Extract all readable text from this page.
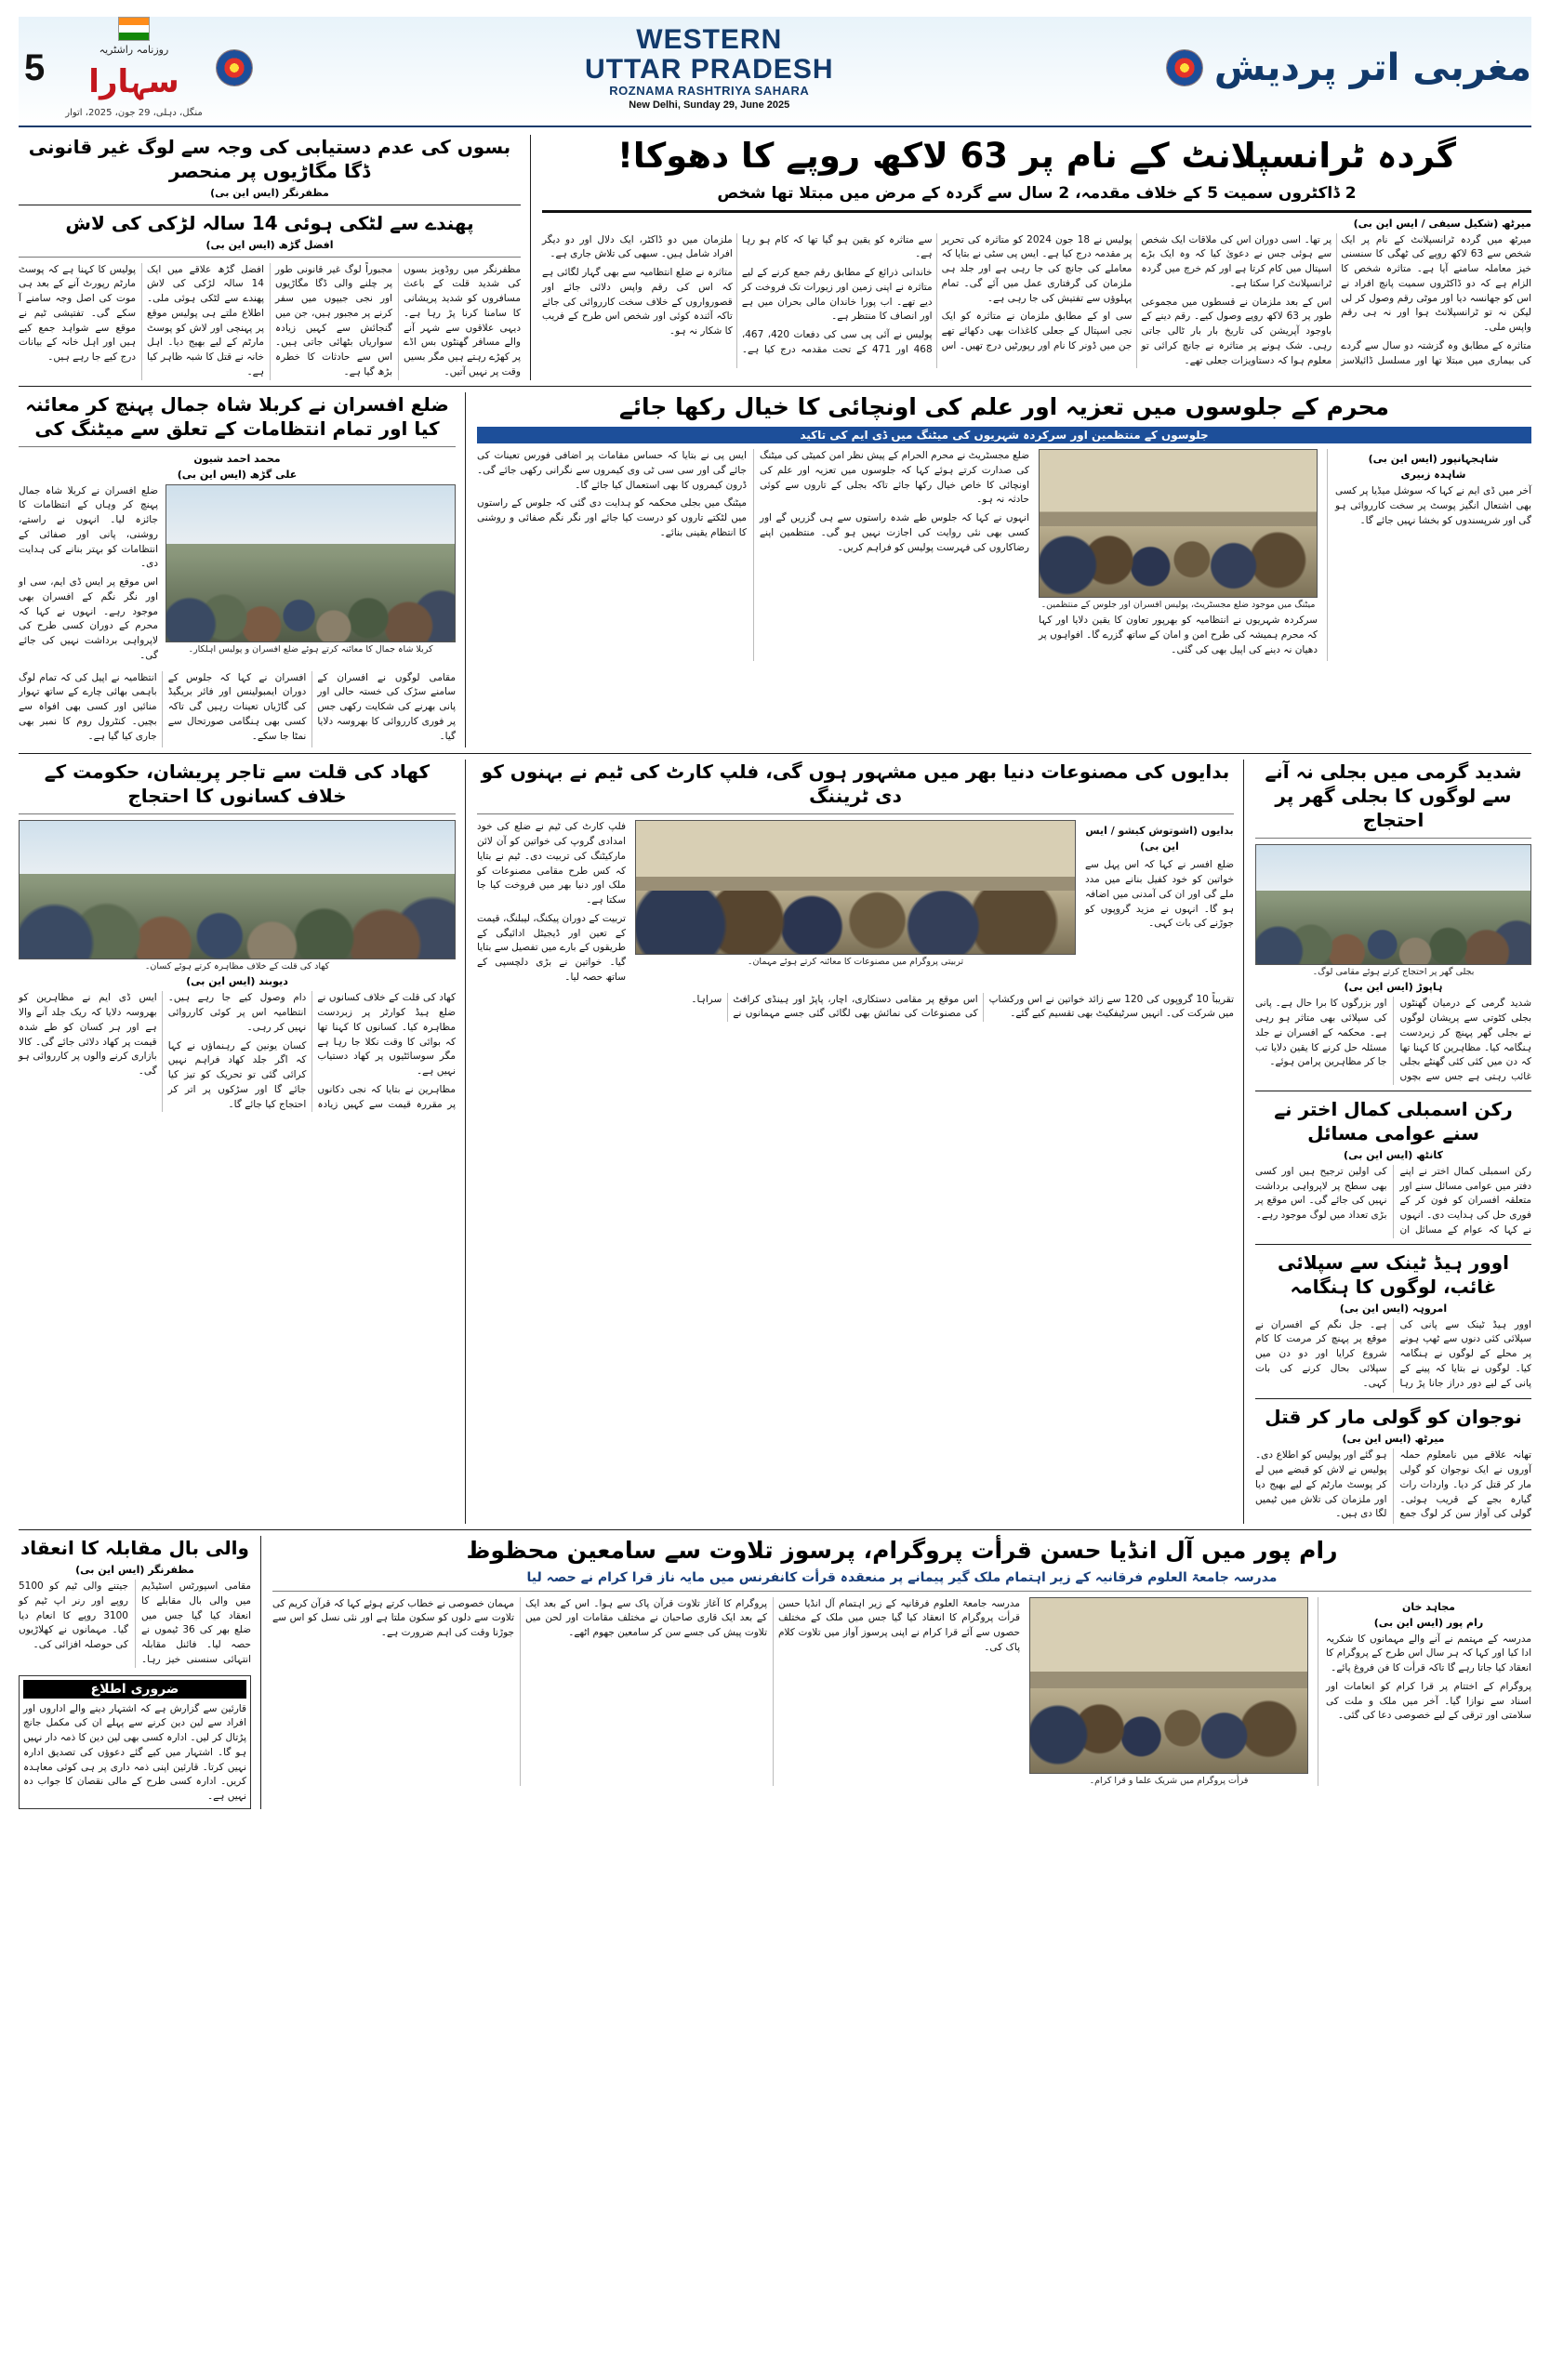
5	روزنامہ راشٹریہ
سہارا
منگل، دہلی، 29 جون، 2025، اتوار
WESTERN
UTTAR PRADESH
ROZNAMA RASHTRIYA SAHARA
New Delhi, Sunday 29, June 2025
مغربی اتر پردیش
بسوں کی عدم دستیابی کی وجہ سے لوگ غیر قانونی ڈگا مگاڑیوں پر منحصر
مظفرنگر (ایس این بی)
پھندے سے لٹکی ہوئی 14 سالہ لڑکی کی لاش
افضل گڑھ (ایس این بی)

مظفرنگر میں روڈویز بسوں کی شدید قلت کے باعث مسافروں کو شدید پریشانی کا سامنا کرنا پڑ رہا ہے۔ دیہی علاقوں سے شہر آنے والے مسافر گھنٹوں بس اڈے پر کھڑے رہتے ہیں مگر بسیں وقت پر نہیں آتیں۔

مجبوراً لوگ غیر قانونی طور پر چلنے والی ڈگا مگاڑیوں اور نجی جیپوں میں سفر کرنے پر مجبور ہیں، جن میں گنجائش سے کہیں زیادہ سواریاں بٹھائی جاتی ہیں۔ اس سے حادثات کا خطرہ بڑھ گیا ہے۔

افضل گڑھ علاقے میں ایک 14 سالہ لڑکی کی لاش پھندے سے لٹکی ہوئی ملی۔ اطلاع ملتے ہی پولیس موقع پر پہنچی اور لاش کو پوسٹ مارٹم کے لیے بھیج دیا۔ اہل خانہ نے قتل کا شبہ ظاہر کیا ہے۔

پولیس کا کہنا ہے کہ پوسٹ مارٹم رپورٹ آنے کے بعد ہی موت کی اصل وجہ سامنے آ سکے گی۔ تفتیشی ٹیم نے موقع سے شواہد جمع کیے ہیں اور اہل خانہ کے بیانات درج کیے جا رہے ہیں۔

گردہ ٹرانسپلانٹ کے نام پر 63 لاکھ روپے کا دھوکا!
2 ڈاکٹروں سمیت 5 کے خلاف مقدمہ، 2 سال سے گردہ کے مرض میں مبتلا تھا شخص
میرٹھ (شکیل سیفی / ایس این بی)

میرٹھ میں گردہ ٹرانسپلانٹ کے نام پر ایک شخص سے 63 لاکھ روپے کی ٹھگی کا سنسنی خیز معاملہ سامنے آیا ہے۔ متاثرہ شخص کا الزام ہے کہ دو ڈاکٹروں سمیت پانچ افراد نے اس کو جھانسہ دیا اور موٹی رقم وصول کر لی لیکن نہ تو ٹرانسپلانٹ ہوا اور نہ ہی رقم واپس ملی۔

متاثرہ کے مطابق وہ گزشتہ دو سال سے گردے کی بیماری میں مبتلا تھا اور مسلسل ڈائیلاسز پر تھا۔ اسی دوران اس کی ملاقات ایک شخص سے ہوئی جس نے دعویٰ کیا کہ وہ ایک بڑے اسپتال میں کام کرتا ہے اور کم خرچ میں گردہ ٹرانسپلانٹ کرا سکتا ہے۔

اس کے بعد ملزمان نے قسطوں میں مجموعی طور پر 63 لاکھ روپے وصول کیے۔ رقم دینے کے باوجود آپریشن کی تاریخ بار بار ٹالی جاتی رہی۔ شک ہونے پر متاثرہ نے جانچ کرائی تو معلوم ہوا کہ دستاویزات جعلی تھے۔

پولیس نے 18 جون 2024 کو متاثرہ کی تحریر پر مقدمہ درج کیا ہے۔ ایس پی سٹی نے بتایا کہ معاملے کی جانچ کی جا رہی ہے اور جلد ہی ملزمان کی گرفتاری عمل میں آئے گی۔ تمام پہلوؤں سے تفتیش کی جا رہی ہے۔

سی او کے مطابق ملزمان نے متاثرہ کو ایک نجی اسپتال کے جعلی کاغذات بھی دکھائے تھے جن میں ڈونر کا نام اور رپورٹیں درج تھیں۔ اس سے متاثرہ کو یقین ہو گیا تھا کہ کام ہو رہا ہے۔

خاندانی ذرائع کے مطابق رقم جمع کرنے کے لیے متاثرہ نے اپنی زمین اور زیورات تک فروخت کر دیے تھے۔ اب پورا خاندان مالی بحران میں ہے اور انصاف کا منتظر ہے۔

پولیس نے آئی پی سی کی دفعات 420، 467، 468 اور 471 کے تحت مقدمہ درج کیا ہے۔ ملزمان میں دو ڈاکٹر، ایک دلال اور دو دیگر افراد شامل ہیں۔ سبھی کی تلاش جاری ہے۔

متاثرہ نے ضلع انتظامیہ سے بھی گہار لگائی ہے کہ اس کی رقم واپس دلائی جائے اور قصورواروں کے خلاف سخت کارروائی کی جائے تاکہ آئندہ کوئی اور شخص اس طرح کے فریب کا شکار نہ ہو۔

ضلع افسران نے کربلا شاہ جمال پہنچ کر معائنہ کیا اور تمام انتظامات کے تعلق سے میٹنگ کی
محمد احمد شیون
علی گڑھ (ایس این بی)

ضلع افسران نے کربلا شاہ جمال پہنچ کر وہاں کے انتظامات کا جائزہ لیا۔ انہوں نے راستے، روشنی، پانی اور صفائی کے انتظامات کو بہتر بنانے کی ہدایت دی۔

اس موقع پر ایس ڈی ایم، سی او اور نگر نگم کے افسران بھی موجود رہے۔ انہوں نے کہا کہ محرم کے دوران کسی طرح کی لاپرواہی برداشت نہیں کی جائے گی۔

کربلا شاہ جمال کا معائنہ کرتے ہوئے ضلع افسران و پولیس اہلکار۔

مقامی لوگوں نے افسران کے سامنے سڑک کی خستہ حالی اور پانی بھرنے کی شکایت رکھی جس پر فوری کارروائی کا بھروسہ دلایا گیا۔

افسران نے کہا کہ جلوس کے دوران ایمبولینس اور فائر بریگیڈ کی گاڑیاں تعینات رہیں گی تاکہ کسی بھی ہنگامی صورتحال سے نمٹا جا سکے۔

انتظامیہ نے اپیل کی کہ تمام لوگ باہمی بھائی چارے کے ساتھ تہوار منائیں اور کسی بھی افواہ سے بچیں۔ کنٹرول روم کا نمبر بھی جاری کیا گیا ہے۔

محرم کے جلوسوں میں تعزیہ اور علم کی اونچائی کا خیال رکھا جائے
جلوسوں کے منتظمین اور سرکردہ شہریوں کی میٹنگ میں ڈی ایم کی تاکید

ضلع مجسٹریٹ نے محرم الحرام کے پیش نظر امن کمیٹی کی میٹنگ کی صدارت کرتے ہوئے کہا کہ جلوسوں میں تعزیہ اور علم کی اونچائی کا خاص خیال رکھا جائے تاکہ بجلی کے تاروں سے کوئی حادثہ نہ ہو۔

انہوں نے کہا کہ جلوس طے شدہ راستوں سے ہی گزریں گے اور کسی بھی نئی روایت کی اجازت نہیں ہو گی۔ منتظمین اپنے رضاکاروں کی فہرست پولیس کو فراہم کریں۔

ایس پی نے بتایا کہ حساس مقامات پر اضافی فورس تعینات کی جائے گی اور سی سی ٹی وی کیمروں سے نگرانی رکھی جائے گی۔ ڈرون کیمروں کا بھی استعمال کیا جائے گا۔

میٹنگ میں بجلی محکمہ کو ہدایت دی گئی کہ جلوس کے راستوں میں لٹکتے تاروں کو درست کیا جائے اور نگر نگم صفائی و روشنی کا انتظام یقینی بنائے۔

میٹنگ میں موجود ضلع مجسٹریٹ، پولیس افسران اور جلوس کے منتظمین۔

سرکردہ شہریوں نے انتظامیہ کو بھرپور تعاون کا یقین دلایا اور کہا کہ محرم ہمیشہ کی طرح امن و امان کے ساتھ گزرے گا۔ افواہوں پر دھیان نہ دینے کی اپیل بھی کی گئی۔

شاہجہانپور (ایس این بی)
شاہدہ زبیری

آخر میں ڈی ایم نے کہا کہ سوشل میڈیا پر کسی بھی اشتعال انگیز پوسٹ پر سخت کارروائی ہو گی اور شرپسندوں کو بخشا نہیں جائے گا۔

کھاد کی قلت سے تاجر پریشان، حکومت کے خلاف کسانوں کا احتجاج
کھاد کی قلت کے خلاف مظاہرہ کرتے ہوئے کسان۔
دیوبند (ایس این بی)

کھاد کی قلت کے خلاف کسانوں نے ضلع ہیڈ کوارٹر پر زبردست مظاہرہ کیا۔ کسانوں کا کہنا تھا کہ بوائی کا وقت نکلا جا رہا ہے مگر سوسائٹیوں پر کھاد دستیاب نہیں ہے۔

مظاہرین نے بتایا کہ نجی دکانوں پر مقررہ قیمت سے کہیں زیادہ دام وصول کیے جا رہے ہیں۔ انتظامیہ اس پر کوئی کارروائی نہیں کر رہی۔

کسان یونین کے رہنماؤں نے کہا کہ اگر جلد کھاد فراہم نہیں کرائی گئی تو تحریک کو تیز کیا جائے گا اور سڑکوں پر اتر کر احتجاج کیا جائے گا۔

ایس ڈی ایم نے مظاہرین کو بھروسہ دلایا کہ ریک جلد آنے والا ہے اور ہر کسان کو طے شدہ قیمت پر کھاد دلائی جائے گی۔ کالا بازاری کرنے والوں پر کارروائی ہو گی۔

بدایوں کی مصنوعات دنیا بھر میں مشہور ہوں گی، فلپ کارٹ کی ٹیم نے بہنوں کو دی ٹریننگ

فلپ کارٹ کی ٹیم نے ضلع کی خود امدادی گروپ کی خواتین کو آن لائن مارکیٹنگ کی تربیت دی۔ ٹیم نے بتایا کہ کس طرح مقامی مصنوعات کو ملک اور دنیا بھر میں فروخت کیا جا سکتا ہے۔

تربیت کے دوران پیکنگ، لیبلنگ، قیمت کے تعین اور ڈیجیٹل ادائیگی کے طریقوں کے بارے میں تفصیل سے بتایا گیا۔ خواتین نے بڑی دلچسپی کے ساتھ حصہ لیا۔

تربیتی پروگرام میں مصنوعات کا معائنہ کرتے ہوئے مہمان۔
بدایوں (اشوتوش کیشو / ایس این بی)

ضلع افسر نے کہا کہ اس پہل سے خواتین کو خود کفیل بنانے میں مدد ملے گی اور ان کی آمدنی میں اضافہ ہو گا۔ انہوں نے مزید گروپوں کو جوڑنے کی بات کہی۔

تقریباً 10 گروپوں کی 120 سے زائد خواتین نے اس ورکشاپ میں شرکت کی۔ انہیں سرٹیفکیٹ بھی تقسیم کیے گئے۔

اس موقع پر مقامی دستکاری، اچار، پاپڑ اور ہینڈی کرافٹ کی مصنوعات کی نمائش بھی لگائی گئی جسے مہمانوں نے سراہا۔

شدید گرمی میں بجلی نہ آنے سے لوگوں کا بجلی گھر پر احتجاج
بجلی گھر پر احتجاج کرتے ہوئے مقامی لوگ۔
ہاپوڑ (ایس این بی)

شدید گرمی کے درمیان گھنٹوں بجلی کٹوتی سے پریشان لوگوں نے بجلی گھر پہنچ کر زبردست ہنگامہ کیا۔ مظاہرین کا کہنا تھا کہ دن میں کئی کئی گھنٹے بجلی غائب رہتی ہے جس سے بچوں اور بزرگوں کا برا حال ہے۔ پانی کی سپلائی بھی متاثر ہو رہی ہے۔ محکمہ کے افسران نے جلد مسئلہ حل کرنے کا یقین دلایا تب جا کر مظاہرین پرامن ہوئے۔

رکن اسمبلی کمال اختر نے سنے عوامی مسائل
کانٹھ (ایس این بی)

رکن اسمبلی کمال اختر نے اپنے دفتر میں عوامی مسائل سنے اور متعلقہ افسران کو فون کر کے فوری حل کی ہدایت دی۔ انہوں نے کہا کہ عوام کے مسائل ان کی اولین ترجیح ہیں اور کسی بھی سطح پر لاپرواہی برداشت نہیں کی جائے گی۔ اس موقع پر بڑی تعداد میں لوگ موجود رہے۔

اوور ہیڈ ٹینک سے سپلائی غائب، لوگوں کا ہنگامہ
امروہہ (ایس این بی)

اوور ہیڈ ٹینک سے پانی کی سپلائی کئی دنوں سے ٹھپ ہونے پر محلے کے لوگوں نے ہنگامہ کیا۔ لوگوں نے بتایا کہ پینے کے پانی کے لیے دور دراز جانا پڑ رہا ہے۔ جل نگم کے افسران نے موقع پر پہنچ کر مرمت کا کام شروع کرایا اور دو دن میں سپلائی بحال کرنے کی بات کہی۔

نوجوان کو گولی مار کر قتل
میرٹھ (ایس این بی)

تھانہ علاقے میں نامعلوم حملہ آوروں نے ایک نوجوان کو گولی مار کر قتل کر دیا۔ واردات رات گیارہ بجے کے قریب ہوئی۔ گولی کی آواز سن کر لوگ جمع ہو گئے اور پولیس کو اطلاع دی۔ پولیس نے لاش کو قبضے میں لے کر پوسٹ مارٹم کے لیے بھیج دیا اور ملزمان کی تلاش میں ٹیمیں لگا دی ہیں۔

والی بال مقابلہ کا انعقاد
مظفرنگر (ایس این بی)

مقامی اسپورٹس اسٹیڈیم میں والی بال مقابلے کا انعقاد کیا گیا جس میں ضلع بھر کی 36 ٹیموں نے حصہ لیا۔ فائنل مقابلہ انتہائی سنسنی خیز رہا۔ جیتنے والی ٹیم کو 5100 روپے اور رنر اپ ٹیم کو 3100 روپے کا انعام دیا گیا۔ مہمانوں نے کھلاڑیوں کی حوصلہ افزائی کی۔

ضروری اطلاع
قارئین سے گزارش ہے کہ اشتہار دینے والے اداروں اور افراد سے لین دین کرنے سے پہلے ان کی مکمل جانچ پڑتال کر لیں۔ ادارہ کسی بھی لین دین کا ذمہ دار نہیں ہو گا۔ اشتہار میں کیے گئے دعوؤں کی تصدیق ادارہ نہیں کرتا۔ قارئین اپنی ذمہ داری پر ہی کوئی معاہدہ کریں۔ ادارہ کسی طرح کے مالی نقصان کا جواب دہ نہیں ہے۔
رام پور میں آل انڈیا حسن قرأت پروگرام، پرسوز تلاوت سے سامعین محظوظ
مدرسہ جامعۃ العلوم فرقانیہ کے زیر اہتمام ملک گیر پیمانے پر منعقدہ قرأت کانفرنس میں مایہ ناز قرا کرام نے حصہ لیا

مدرسہ جامعۃ العلوم فرقانیہ کے زیر اہتمام آل انڈیا حسن قرأت پروگرام کا انعقاد کیا گیا جس میں ملک کے مختلف حصوں سے آئے قرا کرام نے اپنی پرسوز آواز میں تلاوت کلام پاک کی۔

پروگرام کا آغاز تلاوت قرآن پاک سے ہوا۔ اس کے بعد ایک کے بعد ایک قاری صاحبان نے مختلف مقامات اور لحن میں تلاوت پیش کی جسے سن کر سامعین جھوم اٹھے۔

مہمان خصوصی نے خطاب کرتے ہوئے کہا کہ قرآن کریم کی تلاوت سے دلوں کو سکون ملتا ہے اور نئی نسل کو اس سے جوڑنا وقت کی اہم ضرورت ہے۔

قرأت پروگرام میں شریک علما و قرا کرام۔
مجاہد خان
رام پور (ایس این بی)

مدرسہ کے مہتمم نے آنے والے مہمانوں کا شکریہ ادا کیا اور کہا کہ ہر سال اس طرح کے پروگرام کا انعقاد کیا جاتا رہے گا تاکہ قرأت کا فن فروغ پائے۔

پروگرام کے اختتام پر قرا کرام کو انعامات اور اسناد سے نوازا گیا۔ آخر میں ملک و ملت کی سلامتی اور ترقی کے لیے خصوصی دعا کی گئی۔
